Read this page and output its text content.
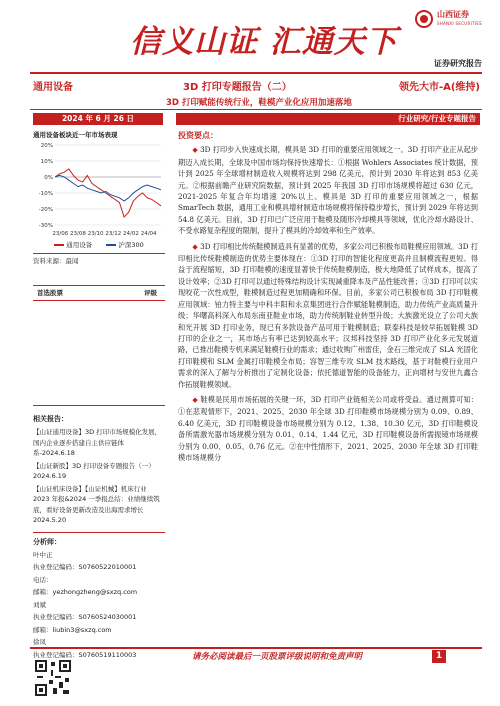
信义山证 汇通天下
山西证券
SHANXI SECURITIES
证券研究报告
通用设备	3D 打印专题报告（二）	领先大市-A(维持)
3D 打印赋能传统行业，鞋模产业化应用加速落地
2024 年 6 月 26 日	行业研究/行业专题报告
通用设备板块近一年市场表现
20%
10%
0%
-10%
-20%
-30%
23/06 23/08 23/10 23/12 24/02 24/04
通用设备	沪深300
资料来源：最闻
首选股票	评级
相关报告：
【山证通用设备】3D 打印市场规模化发展，国内企业逐步搭建自主供应链体系-2024.6.18
【山证新股】3D 打印设备专题报告（一）2024.6.19
【山证机床设备】【山证机械】机床行业 2023 年报&2024 一季报总结：业绩继续筑底，看好设备更新改造及出海需求增长 2024.5.20
分析师：
叶中正
执业登记编码：S0760522010001
电话：
邮箱：yezhongzheng@sxzq.com
刘斌
执业登记编码：S0760524030001
邮箱：liubin3@sxzq.com
徐凤
执业登记编码：S0760519110003
投资要点：

◆ 3D 打印步入快速成长期，模具是 3D 打印的重要应用领域之一。3D 打印产业正从起步期迈入成长期，全球及中国市场均保持快速增长：①根据 Wohlers Associates 统计数据，预计到 2025 年全球增材制造收入规模将达到 298 亿美元，预计到 2030 年将达到 853 亿美元。②根据前瞻产业研究院数据，预计到 2025 年我国 3D 打印市场规模将超过 630 亿元，2021-2025 年复合年均增速 20%以上。模具是 3D 打印的重要应用领域之一，根据 SmarTech 数据，通用工业和模具增材制造市场规模将保持稳步增长，预计到 2029 年将达到 54.8 亿美元。目前，3D 打印已广泛应用于鞋模及随形冷却模具等领域，优化冷却水路设计、不受水路复杂程度的限制，提升了模具的冷却效率和生产效率。

◆ 3D 打印相比传统鞋模制造具有显著的优势，多家公司已积极布局鞋模应用领域。3D 打印相比传统鞋模制造的优势主要体现在：①3D 打印的智能化程度更高并且制模流程更短。得益于流程缩短，3D 打印鞋模的速度显著快于传统鞋模制造，极大地降低了试样成本，提高了设计效率；②3D 打印可以通过特殊结构设计实现减重降本及产品性能改善；③3D 打印可以实现咬花一次性成型，鞋模制造过程更加精确和环保。目前，多家公司已积极布局 3D 打印鞋模应用领域：铂力特主要与中科丰阳和永京集团进行合作赋能鞋模制造，助力传统产业高质量升级；华曙高科深入布局东南亚鞋业市场，助力传统制鞋业转型升级；大族激光设立了公司大族和光开展 3D 打印业务，现已有多款设备产品可用于鞋模制造；联泰科技是较早拓展鞋模 3D 打印的企业之一，其市场占有率已达到较高水平；汉邦科技坚持 3D 打印产业化多元发展道路，已推出鞋模专机来满足鞋模行业的需求；通过收购广州雷佳，金石三维完成了 SLA 光固化打印鞋模和 SLM 金属打印鞋模全布局；容智三维专攻 SLM 技术路线，基于对鞋模行业用户需求的深入了解与分析推出了定制化设备；依托德道智能的设备能力，正向增材与安世九鑫合作拓展鞋模领域。

◆ 鞋模是民用市场拓展的关键一环，3D 打印产业链相关公司或将受益。通过测算可知：①在悲观情形下，2021、2025、2030 年全球 3D 打印鞋模市场规模分别为 0.09、0.89、6.40 亿美元，3D 打印鞋模设备市场规模分别为 0.12、1.38、10.30 亿元，3D 打印鞋模设备所需激光器市场规模分别为 0.01、0.14、1.44 亿元，3D 打印鞋模设备所需振镜市场规模分别为 0.00、0.05、0.76 亿元。②在中性情形下，2021、2025、2030 年全球 3D 打印鞋模市场规模分

请务必阅读最后一页股票评级说明和免责声明	1
